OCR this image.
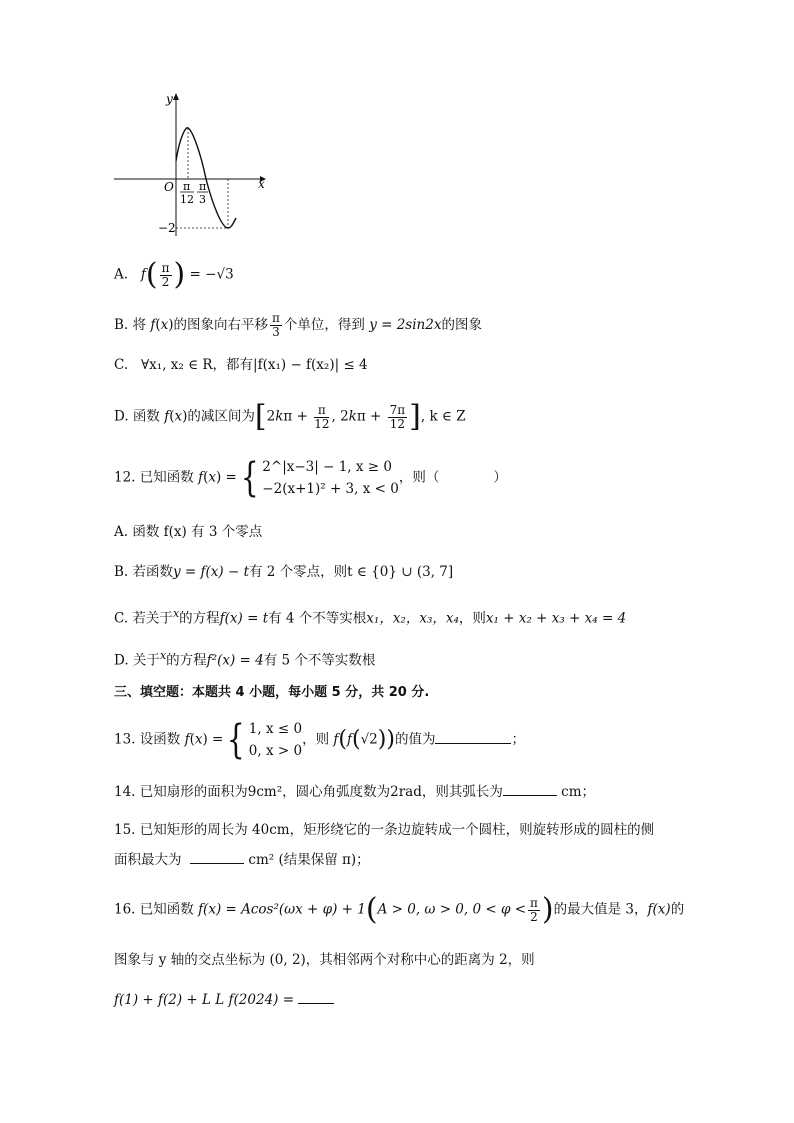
y
x
O π
12
π
3
−2
A. $f( \frac{\pi}{2}$ ) = −√3
B. 将 f(x)的图象向右平移 $\frac{\pi}{3}$ 个单位，得到 y = 2sin2x的图象
C. ∀x₁, x₂ ∈ R，都有|f(x₁) − f(x₂)| ≤ 4
D. 函数 f(x)的减区间为[$2k\pi + \frac{\pi}{12}$ , $2k\pi + \frac{7\pi}{12}$ ], k ∈ Z
12. 已知函数 f(x) ={ 2^|x−3| − 1, x ≥ 0
−2(x+1)² + 3, x < 0
，则（　　　　）
A. 函数 f(x) 有 3 个零点
B. 若函数y = f(x) − t有 2 个零点，则t ∈ {0} ∪ (3, 7]
C. 若关于$^x$的方程f(x) = t有 4 个不等实根x₁，x₂，x₃，x₄，则x₁ + x₂ + x₃ + x₄ = 4
D. 关于$^x$的方程f²(x) = 4有 5 个不等实数根
三、填空题：本题共 4 小题，每小题 5 分，共 20 分.
13. 设函数 f(x) ={ 1, x ≤ 0
0, x > 0
，则 f(f(√2))的值为	；
14. 已知扇形的面积为9cm²，圆心角弧度数为2rad，则其弧长为	cm；
15. 已知矩形的周长为 40cm，矩形绕它的一条边旋转成一个圆柱，则旋转形成的圆柱的侧
面积最大为	cm² (结果保留 π)；
16. 已知函数 f(x) = Acos²(ωx + φ) + 1(A > 0, ω > 0, $0 < \varphi < \frac{\pi}{2}$ )的最大值是 3，f(x)的
图象与 y 轴的交点坐标为 (0, 2)，其相邻两个对称中心的距离为 2，则
f(1) + f(2) + L L f(2024) =
